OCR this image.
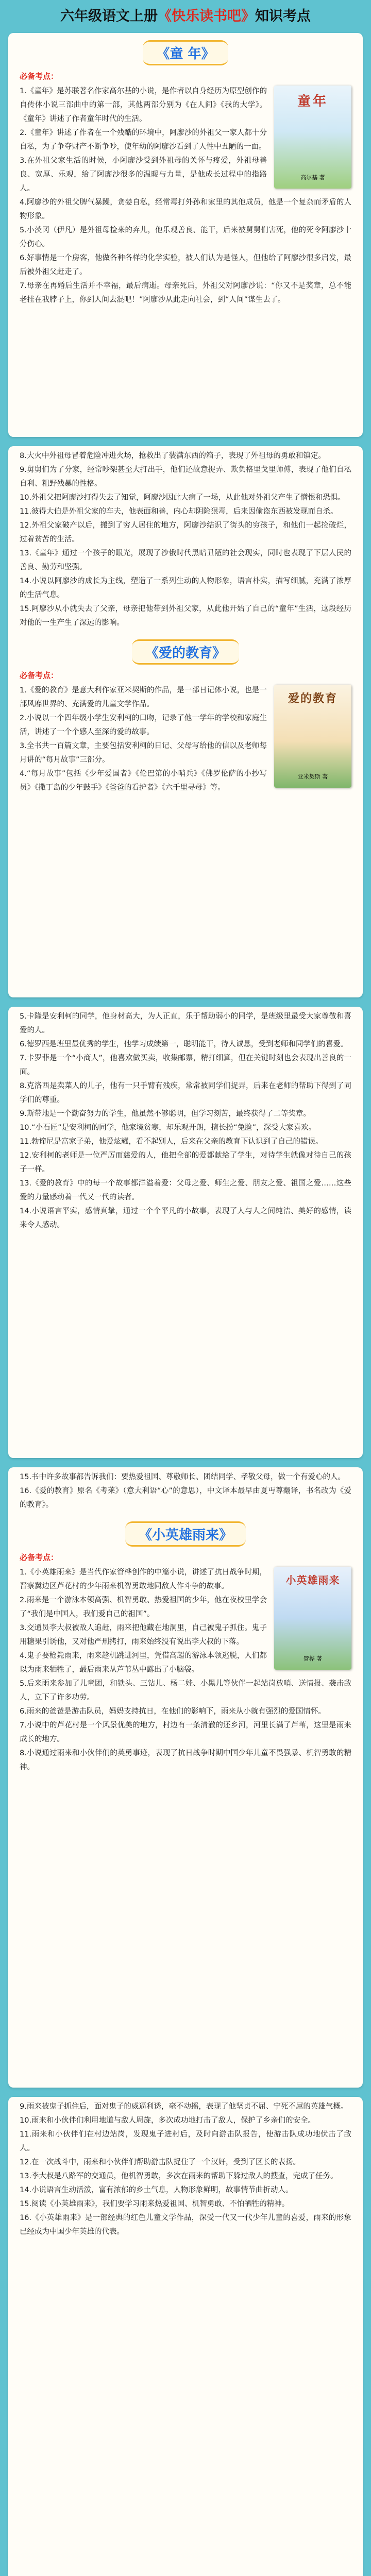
六年级语文上册《快乐读书吧》知识考点
《童 年》
必备考点：
童年
高尔基 著

1.《童年》是苏联著名作家高尔基的小说，是作者以自身经历为原型创作的自传体小说三部曲中的第一部，其他两部分别为《在人间》《我的大学》。《童年》讲述了作者童年时代的生活。

2.《童年》讲述了作者在一个残酷的环境中，阿廖沙的外祖父一家人都十分自私，为了争夺财产不断争吵，使年幼的阿廖沙看到了人性中丑陋的一面。

3.在外祖父家生活的时候，小阿廖沙受到外祖母的关怀与疼爱，外祖母善良、宽厚、乐观，给了阿廖沙很多的温暖与力量，是他成长过程中的指路人。

4.阿廖沙的外祖父脾气暴躁，贪婪自私，经常毒打外孙和家里的其他成员，他是一个复杂而矛盾的人物形象。

5.小茨冈（伊凡）是外祖母捡来的弃儿，他乐观善良、能干，后来被舅舅们害死，他的死令阿廖沙十分伤心。

6.好事情是一个房客，他做各种各样的化学实验，被人们认为是怪人，但他给了阿廖沙很多启发，最后被外祖父赶走了。

7.母亲在再婚后生活并不幸福，最后病逝。母亲死后，外祖父对阿廖沙说：“你又不是奖章，总不能老挂在我脖子上，你到人间去混吧！”阿廖沙从此走向社会，到“人间”谋生去了。

8.大火中外祖母冒着危险冲进火场，抢救出了装满东西的箱子，表现了外祖母的勇敢和镇定。

9.舅舅们为了分家，经常吵架甚至大打出手，他们还故意捉弄、欺负格里戈里师傅，表现了他们自私自利、粗野残暴的性格。

10.外祖父把阿廖沙打得失去了知觉，阿廖沙因此大病了一场，从此他对外祖父产生了憎恨和恐惧。

11.彼得大伯是外祖父家的车夫，他表面和善，内心却阴险狠毒，后来因偷盗东西被发现而自杀。

12.外祖父家破产以后，搬到了穷人居住的地方，阿廖沙结识了街头的穷孩子，和他们一起捡破烂，过着贫苦的生活。

13.《童年》通过一个孩子的眼光，展现了沙俄时代黑暗丑陋的社会现实，同时也表现了下层人民的善良、勤劳和坚强。

14.小说以阿廖沙的成长为主线，塑造了一系列生动的人物形象，语言朴实，描写细腻，充满了浓厚的生活气息。

15.阿廖沙从小就失去了父亲，母亲把他带到外祖父家，从此他开始了自己的“童年”生活，这段经历对他的一生产生了深远的影响。

《爱的教育》
必备考点：
爱的教育
亚米契斯 著

1.《爱的教育》是意大利作家亚米契斯的作品，是一部日记体小说，也是一部风靡世界的、充满爱的儿童文学作品。

2.小说以一个四年级小学生安利柯的口吻，记录了他一学年的学校和家庭生活，讲述了一个个感人至深的爱的故事。

3.全书共一百篇文章，主要包括安利柯的日记、父母写给他的信以及老师每月讲的“每月故事”三部分。

4.“每月故事”包括《少年爱国者》《伦巴第的小哨兵》《佛罗伦萨的小抄写员》《撒丁岛的少年鼓手》《爸爸的看护者》《六千里寻母》等。

5.卡隆是安利柯的同学，他身材高大，为人正直，乐于帮助弱小的同学，是班级里最受大家尊敬和喜爱的人。

6.德罗西是班里最优秀的学生，他学习成绩第一，聪明能干，待人诚恳，受到老师和同学们的喜爱。

7.卡罗菲是一个“小商人”，他喜欢做买卖，收集邮票，精打细算，但在关键时刻也会表现出善良的一面。

8.克洛西是卖菜人的儿子，他有一只手臂有残疾，常常被同学们捉弄，后来在老师的帮助下得到了同学们的尊重。

9.斯带地是一个勤奋努力的学生，他虽然不够聪明，但学习刻苦，最终获得了二等奖章。

10.“小石匠”是安利柯的同学，他家境贫寒，却乐观开朗，擅长扮“兔脸”，深受大家喜欢。

11.勃谛尼是富家子弟，他爱炫耀，看不起别人，后来在父亲的教育下认识到了自己的错误。

12.安利柯的老师是一位严厉而慈爱的人，他把全部的爱都献给了学生，对待学生就像对待自己的孩子一样。

13.《爱的教育》中的每一个故事都洋溢着爱：父母之爱、师生之爱、朋友之爱、祖国之爱……这些爱的力量感动着一代又一代的读者。

14.小说语言平实，感情真挚，通过一个个平凡的小故事，表现了人与人之间纯洁、美好的感情，读来令人感动。

15.书中许多故事都告诉我们：要热爱祖国、尊敬师长、团结同学、孝敬父母，做一个有爱心的人。

16.《爱的教育》原名《考莱》（意大利语“心”的意思），中文译本最早由夏丏尊翻译，书名改为《爱的教育》。

《小英雄雨来》
必备考点：
小英雄雨来
管桦 著

1.《小英雄雨来》是当代作家管桦创作的中篇小说，讲述了抗日战争时期，晋察冀边区芦花村的少年雨来机智勇敢地同敌人作斗争的故事。

2.雨来是一个游泳本领高强、机智勇敢、热爱祖国的少年，他在夜校里学会了“我们是中国人，我们爱自己的祖国”。

3.交通员李大叔被敌人追赶，雨来把他藏在地洞里，自己被鬼子抓住。鬼子用糖果引诱他，又对他严刑拷打，雨来始终没有说出李大叔的下落。

4.鬼子要枪毙雨来，雨来趁机跳进河里，凭借高超的游泳本领逃脱，人们都以为雨来牺牲了，最后雨来从芦苇丛中露出了小脑袋。

5.后来雨来参加了儿童团，和铁头、三钻儿、杨二娃、小黑儿等伙伴一起站岗放哨、送情报、袭击敌人，立下了许多功劳。

6.雨来的爸爸是游击队员，妈妈支持抗日，在他们的影响下，雨来从小就有强烈的爱国情怀。

7.小说中的芦花村是一个风景优美的地方，村边有一条清澈的还乡河，河里长满了芦苇，这里是雨来成长的地方。

8.小说通过雨来和小伙伴们的英勇事迹，表现了抗日战争时期中国少年儿童不畏强暴、机智勇敢的精神。

9.雨来被鬼子抓住后，面对鬼子的威逼利诱，毫不动摇，表现了他坚贞不屈、宁死不屈的英雄气概。

10.雨来和小伙伴们利用地道与敌人周旋，多次成功地打击了敌人，保护了乡亲们的安全。

11.雨来和小伙伴们在村边站岗，发现鬼子进村后，及时向游击队报告，使游击队成功地伏击了敌人。

12.在一次战斗中，雨来和小伙伴们帮助游击队捉住了一个汉奸，受到了区长的表扬。

13.李大叔是八路军的交通员，他机智勇敢，多次在雨来的帮助下躲过敌人的搜查，完成了任务。

14.小说语言生动活泼，富有浓郁的乡土气息，人物形象鲜明，故事情节曲折动人。

15.阅读《小英雄雨来》，我们要学习雨来热爱祖国、机智勇敢、不怕牺牲的精神。

16.《小英雄雨来》是一部经典的红色儿童文学作品，深受一代又一代少年儿童的喜爱，雨来的形象已经成为中国少年英雄的代表。
